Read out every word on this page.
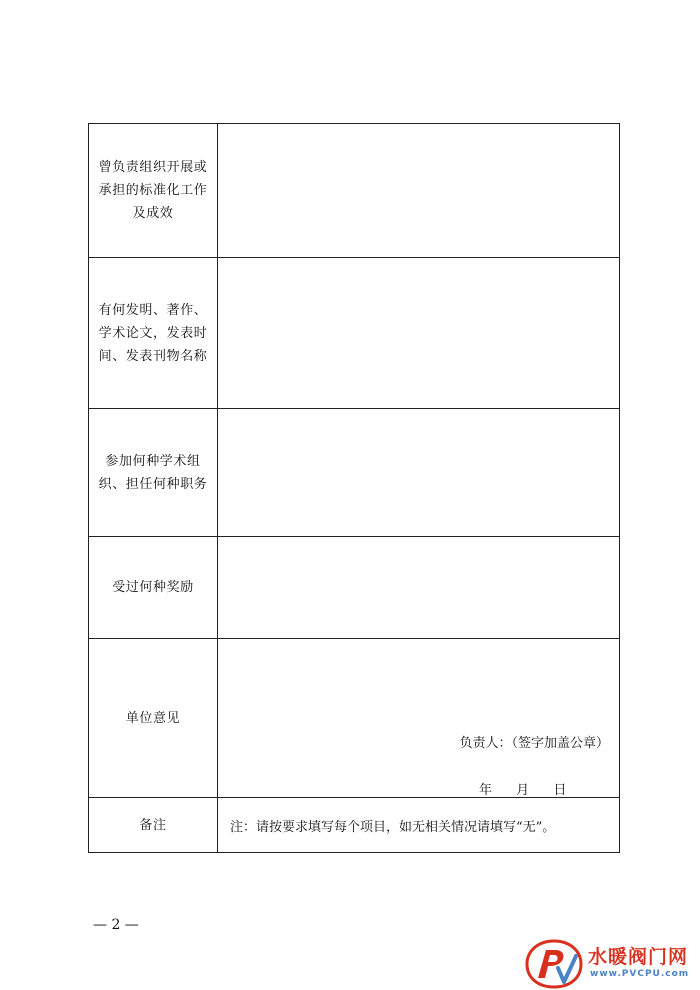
曾负责组织开展或
承担的标准化工作
及成效	

有何发明、著作、
学术论文，发表时
间、发表刊物名称	

参加何种学术组
织、担任何种职务	

受过何种奖励	

单位意见	负责人：（签字加盖公章）
年 月 日

备注	注：请按要求填写每个项目，如无相关情况请填写“无”。
— 2 —
水暖阀门网
www.PVCPU.com
